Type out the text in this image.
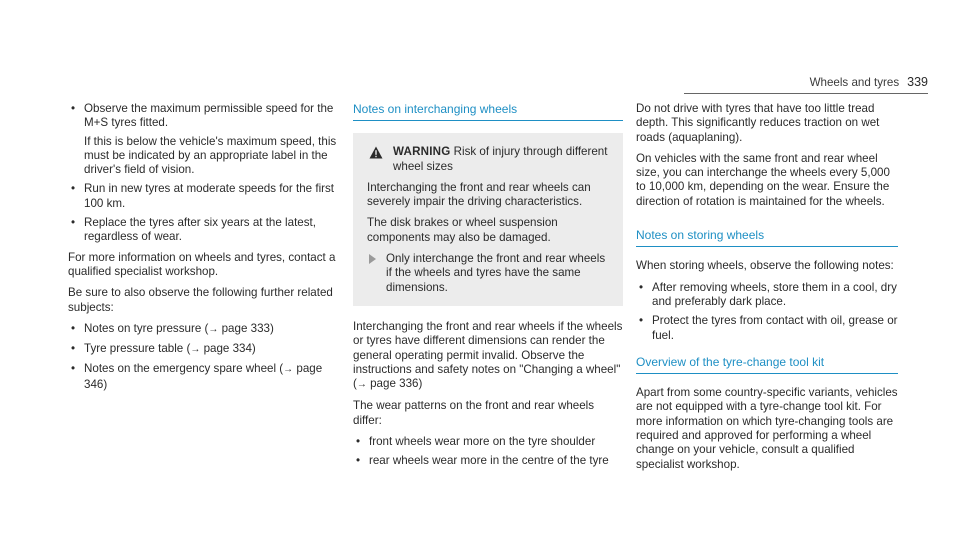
Wheels and tyres 339
• Observe the maximum permissible speed for the M+S tyres fitted.
If this is below the vehicle's maximum speed, this must be indicated by an appropriate label in the driver's field of vision.
• Run in new tyres at moderate speeds for the first 100 km.
• Replace the tyres after six years at the latest, regardless of wear.

For more information on wheels and tyres, contact a qualified specialist workshop.

Be sure to also observe the following further related subjects:

• Notes on tyre pressure (→ page 333)
• Tyre pressure table (→ page 334)
• Notes on the emergency spare wheel (→ page 346)
Notes on interchanging wheels
WARNING Risk of injury through different wheel sizes

Interchanging the front and rear wheels can severely impair the driving characteristics.

The disk brakes or wheel suspension components may also be damaged.

Only interchange the front and rear wheels if the wheels and tyres have the same dimensions.

Interchanging the front and rear wheels if the wheels or tyres have different dimensions can render the general operating permit invalid. Observe the instructions and safety notes on "Changing a wheel" (→ page 336)

The wear patterns on the front and rear wheels differ:

• front wheels wear more on the tyre shoulder
• rear wheels wear more in the centre of the tyre

Do not drive with tyres that have too little tread depth. This significantly reduces traction on wet roads (aquaplaning).

On vehicles with the same front and rear wheel size, you can interchange the wheels every 5,000 to 10,000 km, depending on the wear. Ensure the direction of rotation is maintained for the wheels.

Notes on storing wheels

When storing wheels, observe the following notes:

• After removing wheels, store them in a cool, dry and preferably dark place.
• Protect the tyres from contact with oil, grease or fuel.
Overview of the tyre-change tool kit

Apart from some country-specific variants, vehicles are not equipped with a tyre-change tool kit. For more information on which tyre-changing tools are required and approved for performing a wheel change on your vehicle, consult a qualified specialist workshop.
